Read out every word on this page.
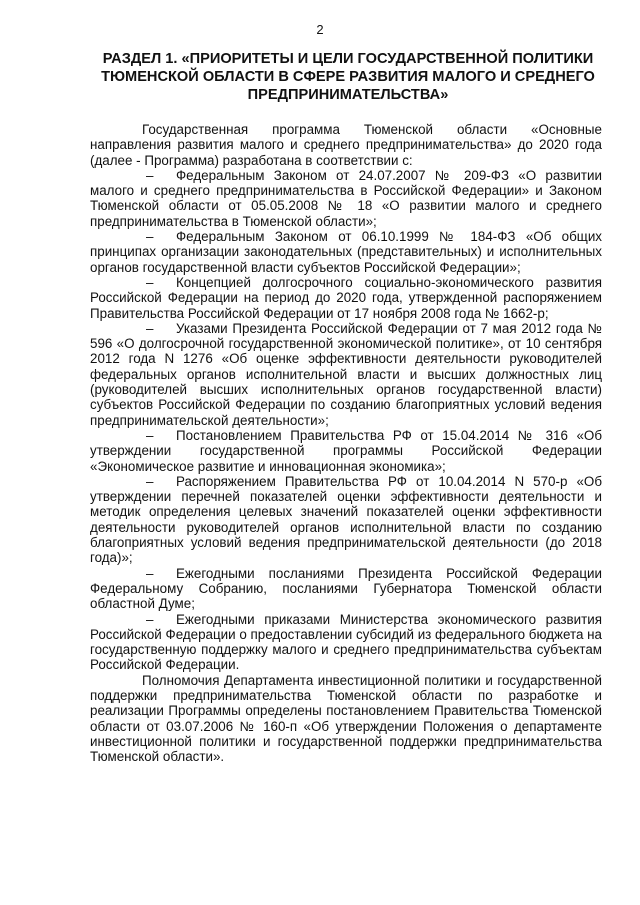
2
РАЗДЕЛ 1. «ПРИОРИТЕТЫ И ЦЕЛИ ГОСУДАРСТВЕННОЙ ПОЛИТИКИ ТЮМЕНСКОЙ ОБЛАСТИ В СФЕРЕ РАЗВИТИЯ МАЛОГО И СРЕДНЕГО ПРЕДПРИНИМАТЕЛЬСТВА»

Государственная программа Тюменской области «Основные направления развития малого и среднего предпринимательства» до 2020 года (далее - Программа) разработана в соответствии с:

– Федеральным Законом от 24.07.2007 № 209-ФЗ «О развитии малого и среднего предпринимательства в Российской Федерации» и Законом Тюменской области от 05.05.2008 № 18 «О развитии малого и среднего предпринимательства в Тюменской области»;

– Федеральным Законом от 06.10.1999 № 184-ФЗ «Об общих принципах организации законодательных (представительных) и исполнительных органов государственной власти субъектов Российской Федерации»;

– Концепцией долгосрочного социально-экономического развития Российской Федерации на период до 2020 года, утвержденной распоряжением Правительства Российской Федерации от 17 ноября 2008 года № 1662-р;

– Указами Президента Российской Федерации от 7 мая 2012 года № 596 «О долгосрочной государственной экономической политике», от 10 сентября 2012 года N 1276 «Об оценке эффективности деятельности руководителей федеральных органов исполнительной власти и высших должностных лиц (руководителей высших исполнительных органов государственной власти) субъектов Российской Федерации по созданию благоприятных условий ведения предпринимательской деятельности»;

– Постановлением Правительства РФ от 15.04.2014 № 316 «Об утверждении государственной программы Российской Федерации «Экономическое развитие и инновационная экономика»;

– Распоряжением Правительства РФ от 10.04.2014 N 570-р «Об утверждении перечней показателей оценки эффективности деятельности и методик определения целевых значений показателей оценки эффективности деятельности руководителей органов исполнительной власти по созданию благоприятных условий ведения предпринимательской деятельности (до 2018 года)»;

– Ежегодными посланиями Президента Российской Федерации Федеральному Собранию, посланиями Губернатора Тюменской области областной Думе;

– Ежегодными приказами Министерства экономического развития Российской Федерации о предоставлении субсидий из федерального бюджета на государственную поддержку малого и среднего предпринимательства субъектам Российской Федерации.

Полномочия Департамента инвестиционной политики и государственной поддержки предпринимательства Тюменской области по разработке и реализации Программы определены постановлением Правительства Тюменской области от 03.07.2006 № 160-п «Об утверждении Положения о департаменте инвестиционной политики и государственной поддержки предпринимательства Тюменской области».
